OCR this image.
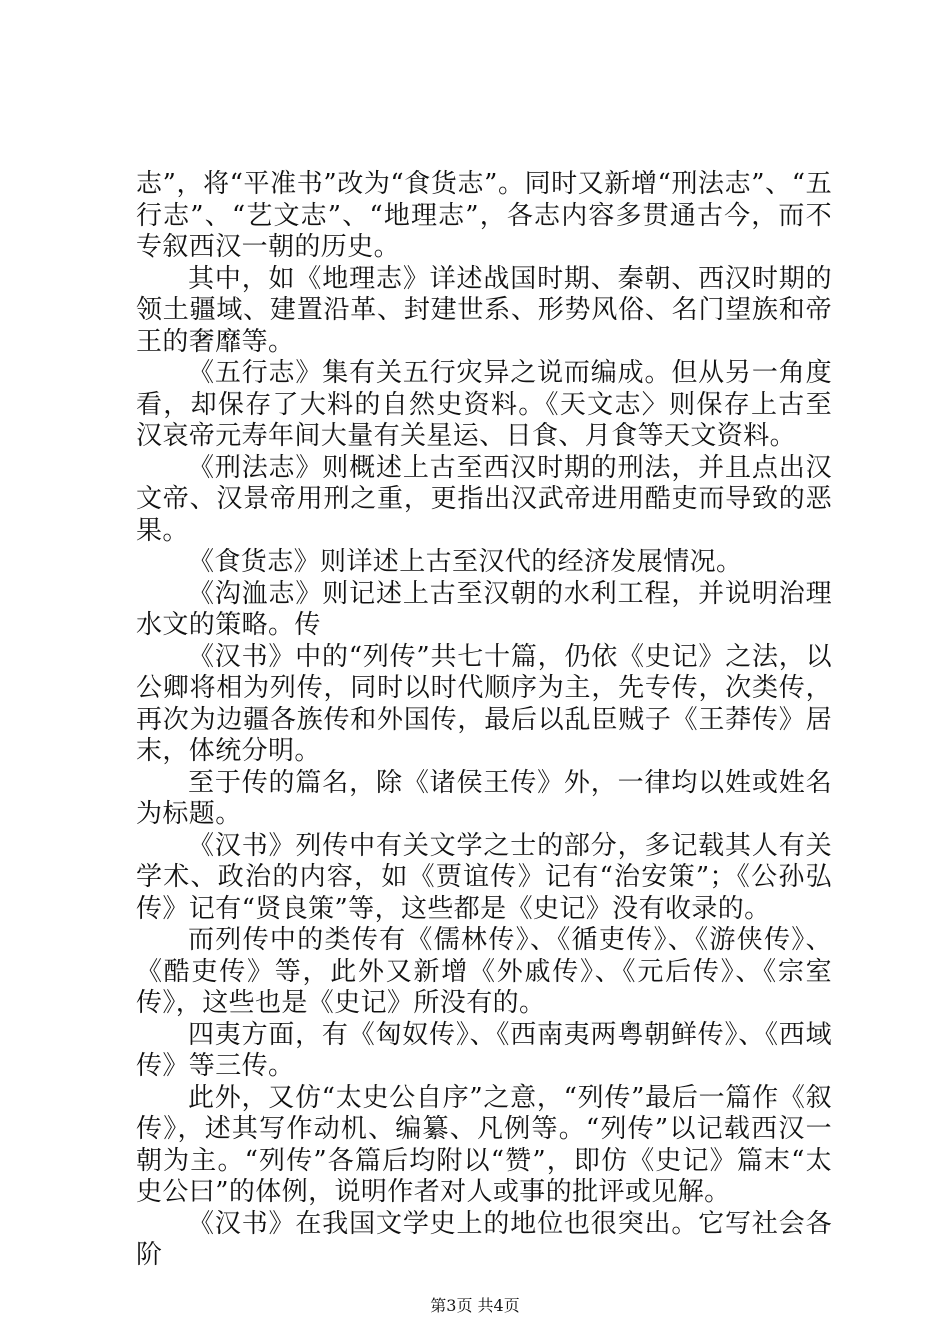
志”，将“平准书”改为“食货志”。同时又新增“刑法志”、“五行志”、“艺文志”、“地理志”，各志内容多贯通古今，而不专叙西汉一朝的历史。

其中，如《地理志》详述战国时期、秦朝、西汉时期的领土疆域、建置沿革、封建世系、形势风俗、名门望族和帝王的奢靡等。

《五行志》集有关五行灾异之说而编成。但从另一角度看，却保存了大料的自然史资料。《天文志〉则保存上古至汉哀帝元寿年间大量有关星运、日食、月食等天文资料。

《刑法志》则概述上古至西汉时期的刑法，并且点出汉文帝、汉景帝用刑之重，更指出汉武帝进用酷吏而导致的恶果。

《食货志》则详述上古至汉代的经济发展情况。

《沟洫志》则记述上古至汉朝的水利工程，并说明治理水文的策略。传

《汉书》中的“列传”共七十篇，仍依《史记》之法，以公卿将相为列传，同时以时代顺序为主，先专传，次类传，再次为边疆各族传和外国传，最后以乱臣贼子《王莽传》居末，体统分明。

至于传的篇名，除《诸侯王传》外，一律均以姓或姓名为标题。

《汉书》列传中有关文学之士的部分，多记载其人有关学术、政治的内容，如《贾谊传》记有“治安策”；《公孙弘传》记有“贤良策”等，这些都是《史记》没有收录的。

而列传中的类传有《儒林传》、《循吏传》、《游侠传》、《酷吏传》等，此外又新增《外戚传》、《元后传》、《宗室传》，这些也是《史记》所没有的。

四夷方面，有《匈奴传》、《西南夷两粤朝鲜传》、《西域传》等三传。

此外，又仿“太史公自序”之意，“列传”最后一篇作《叙传》，述其写作动机、编纂、凡例等。“列传”以记载西汉一朝为主。“列传”各篇后均附以“赞”，即仿《史记》篇末“太史公曰”的体例，说明作者对人或事的批评或见解。

《汉书》在我国文学史上的地位也很突出。它写社会各阶

第3页 共4页
